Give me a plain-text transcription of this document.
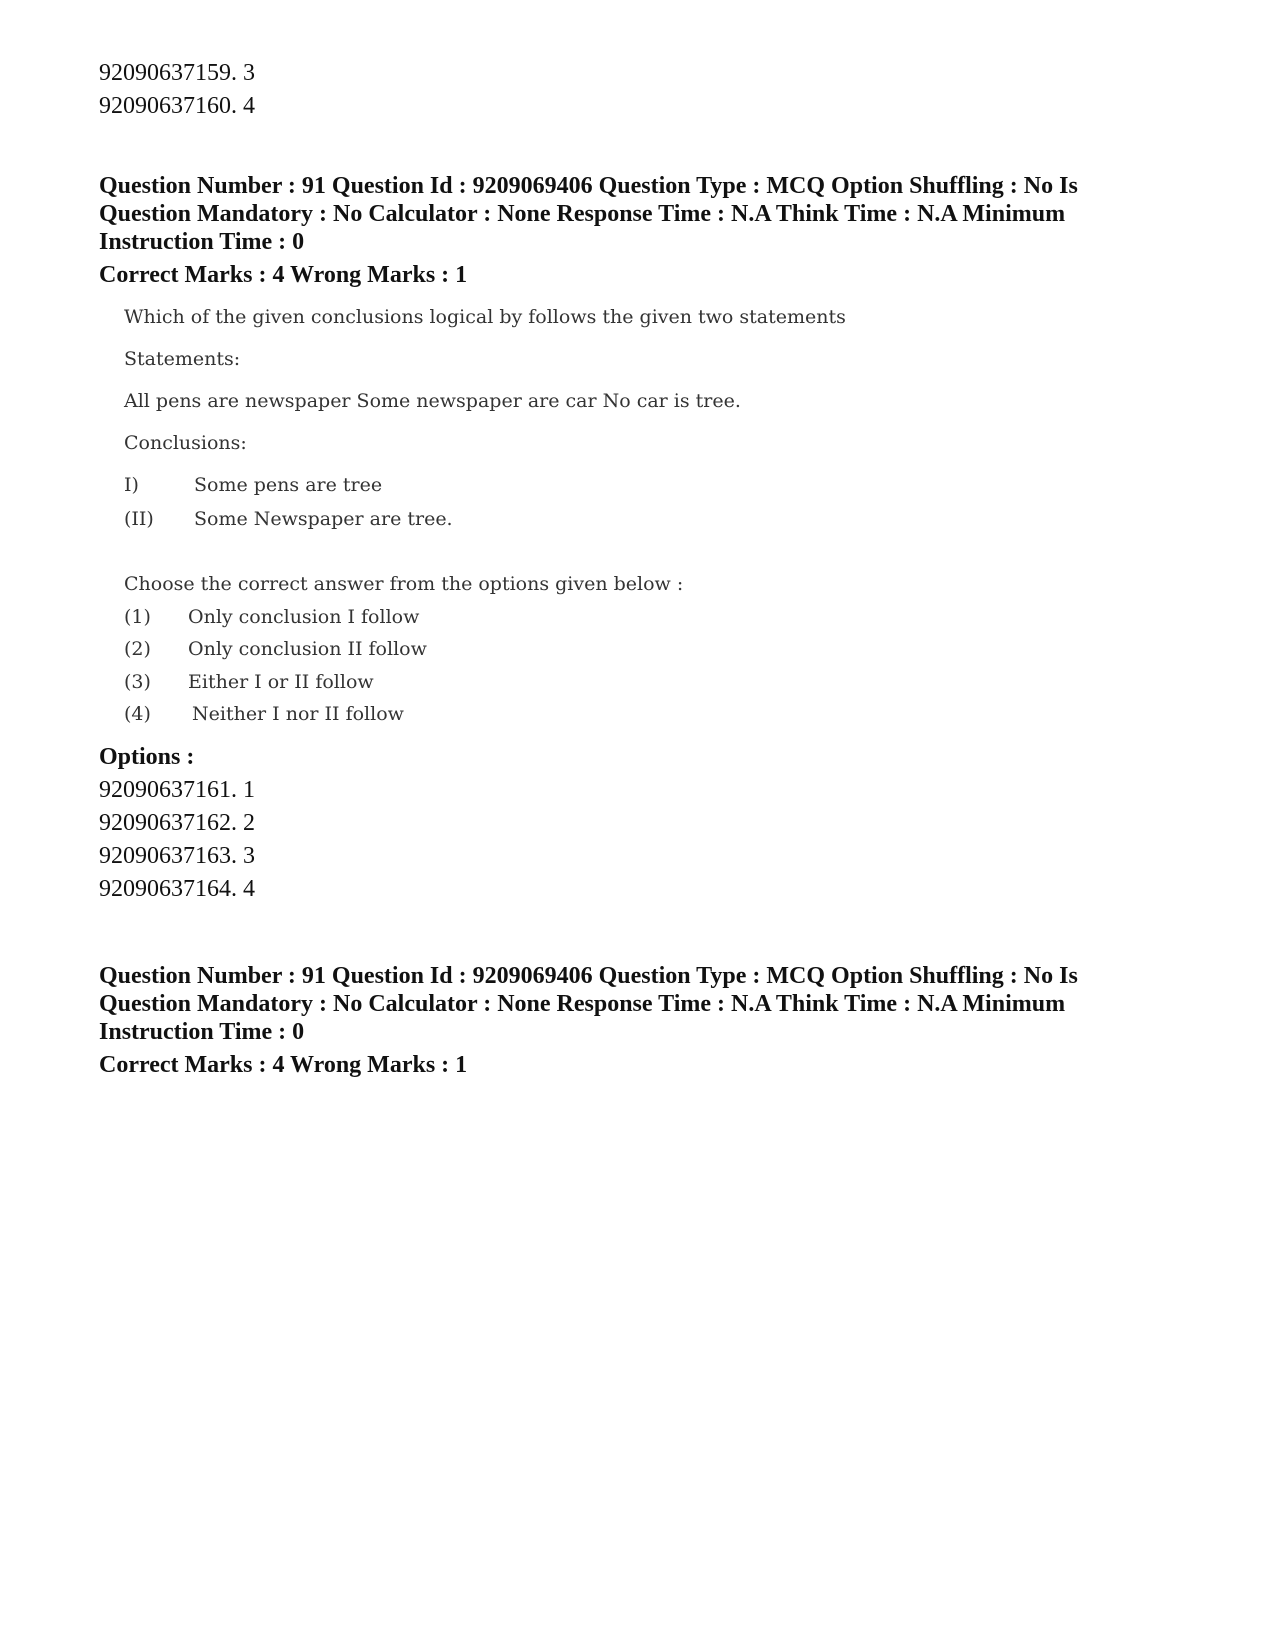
92090637159. 3
92090637160. 4
Question Number : 91 Question Id : 9209069406 Question Type : MCQ Option Shuffling : No Is Question Mandatory : No Calculator : None Response Time : N.A Think Time : N.A Minimum Instruction Time : 0
Correct Marks : 4 Wrong Marks : 1
Which of the given conclusions logical by follows the given two statements
Statements:
All pens are newspaper Some newspaper are car No car is tree.
Conclusions:
I)	Some pens are tree
(II) Some Newspaper are tree.
Choose the correct answer from the options given below :
(1) Only conclusion I follow
(2) Only conclusion II follow
(3) Either I or II follow
(4) Neither I nor II follow
Options :
92090637161. 1
92090637162. 2
92090637163. 3
92090637164. 4
Question Number : 91 Question Id : 9209069406 Question Type : MCQ Option Shuffling : No Is Question Mandatory : No Calculator : None Response Time : N.A Think Time : N.A Minimum Instruction Time : 0
Correct Marks : 4 Wrong Marks : 1
